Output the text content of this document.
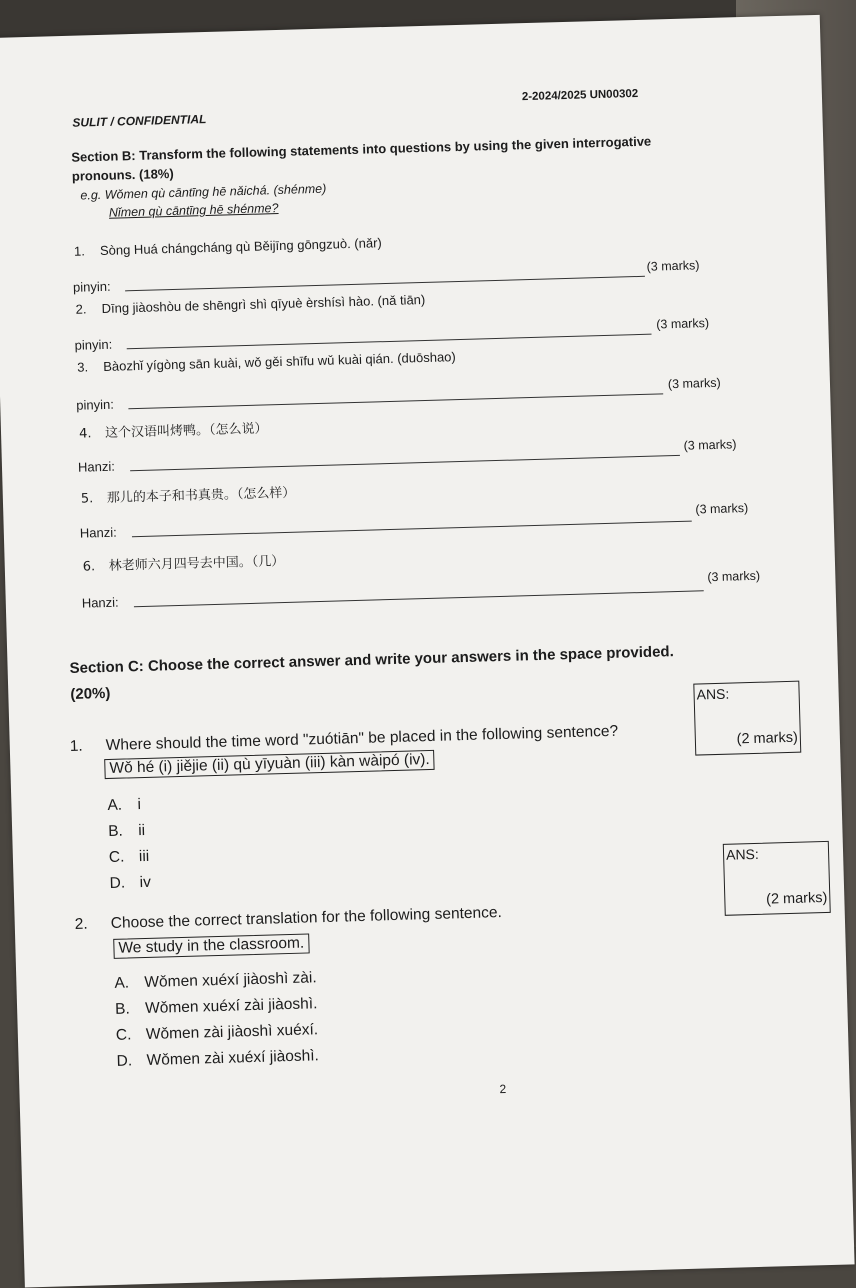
SULIT / CONFIDENTIAL
2-2024/2025 UN00302
Section B: Transform the following statements into questions by using the given interrogative pronouns. (18%)
e.g. Wǒmen qù cāntīng hē nǎichá. (shénme)
Nǐmen qù cāntīng hē shénme?
1. Sòng Huá chángcháng qù Běijīng gōngzuò. (nǎr)
pinyin:
(3 marks)
2. Dīng jiàoshòu de shēngrì shì qīyuè èrshísì hào. (nǎ tiān)
pinyin:
(3 marks)
3. Bàozhǐ yígòng sān kuài, wǒ gěi shīfu wǔ kuài qián. (duōshao)
pinyin:
(3 marks)
4. 这个汉语叫烤鸭。（怎么说）
Hanzi:
(3 marks)
5. 那儿的本子和书真贵。（怎么样）
Hanzi:
(3 marks)
6. 林老师六月四号去中国。（几）
Hanzi:
(3 marks)
Section C: Choose the correct answer and write your answers in the space provided.
(20%)
1. Where should the time word "zuótiān" be placed in the following sentence?
Wǒ hé (i) jiějie (ii) qù yīyuàn (iii) kàn wàipó (iv).
ANS:
(2 marks)
A. i
B. ii
C. iii
D. iv
2. Choose the correct translation for the following sentence.
We study in the classroom.
ANS:
(2 marks)
A. Wǒmen xuéxí jiàoshì zài.
B. Wǒmen xuéxí zài jiàoshì.
C. Wǒmen zài jiàoshì xuéxí.
D. Wǒmen zài xuéxí jiàoshì.
2
